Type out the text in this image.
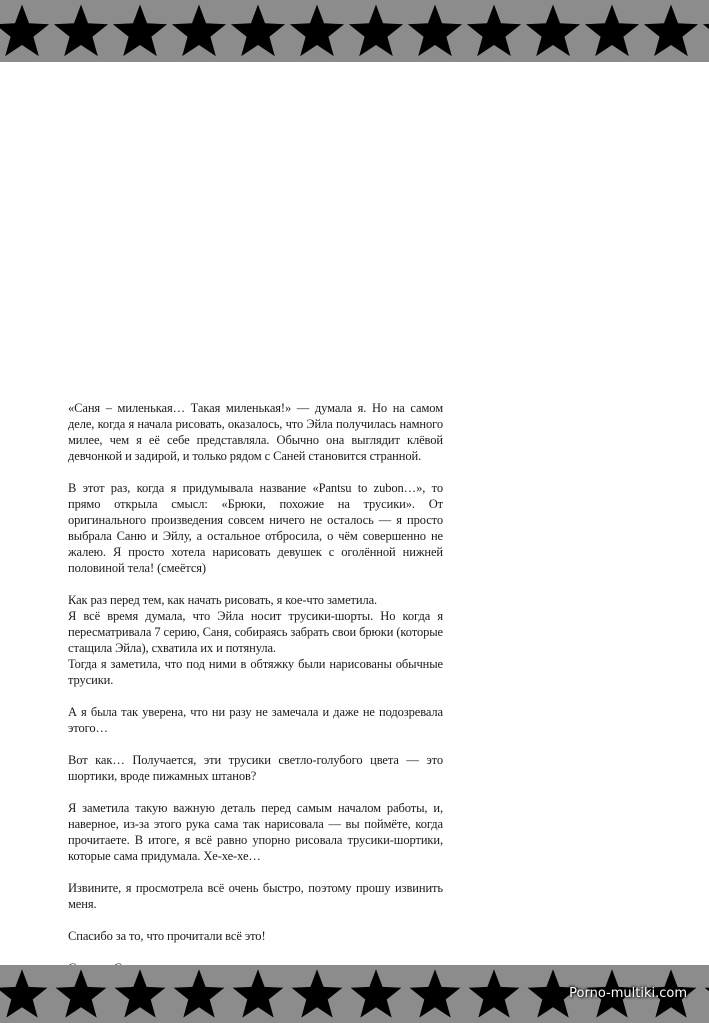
«Саня – миленькая… Такая миленькая!» — думала я. Но на самом деле, когда я начала рисовать, оказалось, что Эйла получилась намного милее, чем я её себе представляла. Обычно она выглядит клёвой девчонкой и задирой, и только рядом с Саней становится странной.

В этот раз, когда я придумывала название «Pantsu to zubon…», то прямо открыла смысл: «Брюки, похожие на трусики». От оригинального произведения совсем ничего не осталось — я просто выбрала Саню и Эйлу, а остальное отбросила, о чём совершенно не жалею. Я просто хотела нарисовать девушек с оголённой нижней половиной тела! (смеётся)

Как раз перед тем, как начать рисовать, я кое-что заметила.

Я всё время думала, что Эйла носит трусики-шорты. Но когда я пересматривала 7 серию, Саня, собираясь забрать свои брюки (которые стащила Эйла), схватила их и потянула.

Тогда я заметила, что под ними в обтяжку были нарисованы обычные трусики.

А я была так уверена, что ни разу не замечала и даже не подозревала этого…

Вот как… Получается, эти трусики светло-голубого цвета — это шортики, вроде пижамных штанов?

Я заметила такую важную деталь перед самым началом работы, и, наверное, из-за этого рука сама так нарисовала — вы поймёте, когда прочитаете. В итоге, я всё равно упорно рисовала трусики-шортики, которые сама придумала. Хе-хе-хе…

Извините, я просмотрела всё очень быстро, поэтому прошу извинить меня.

Спасибо за то, что прочитали всё это!

Porno-multiki.com
